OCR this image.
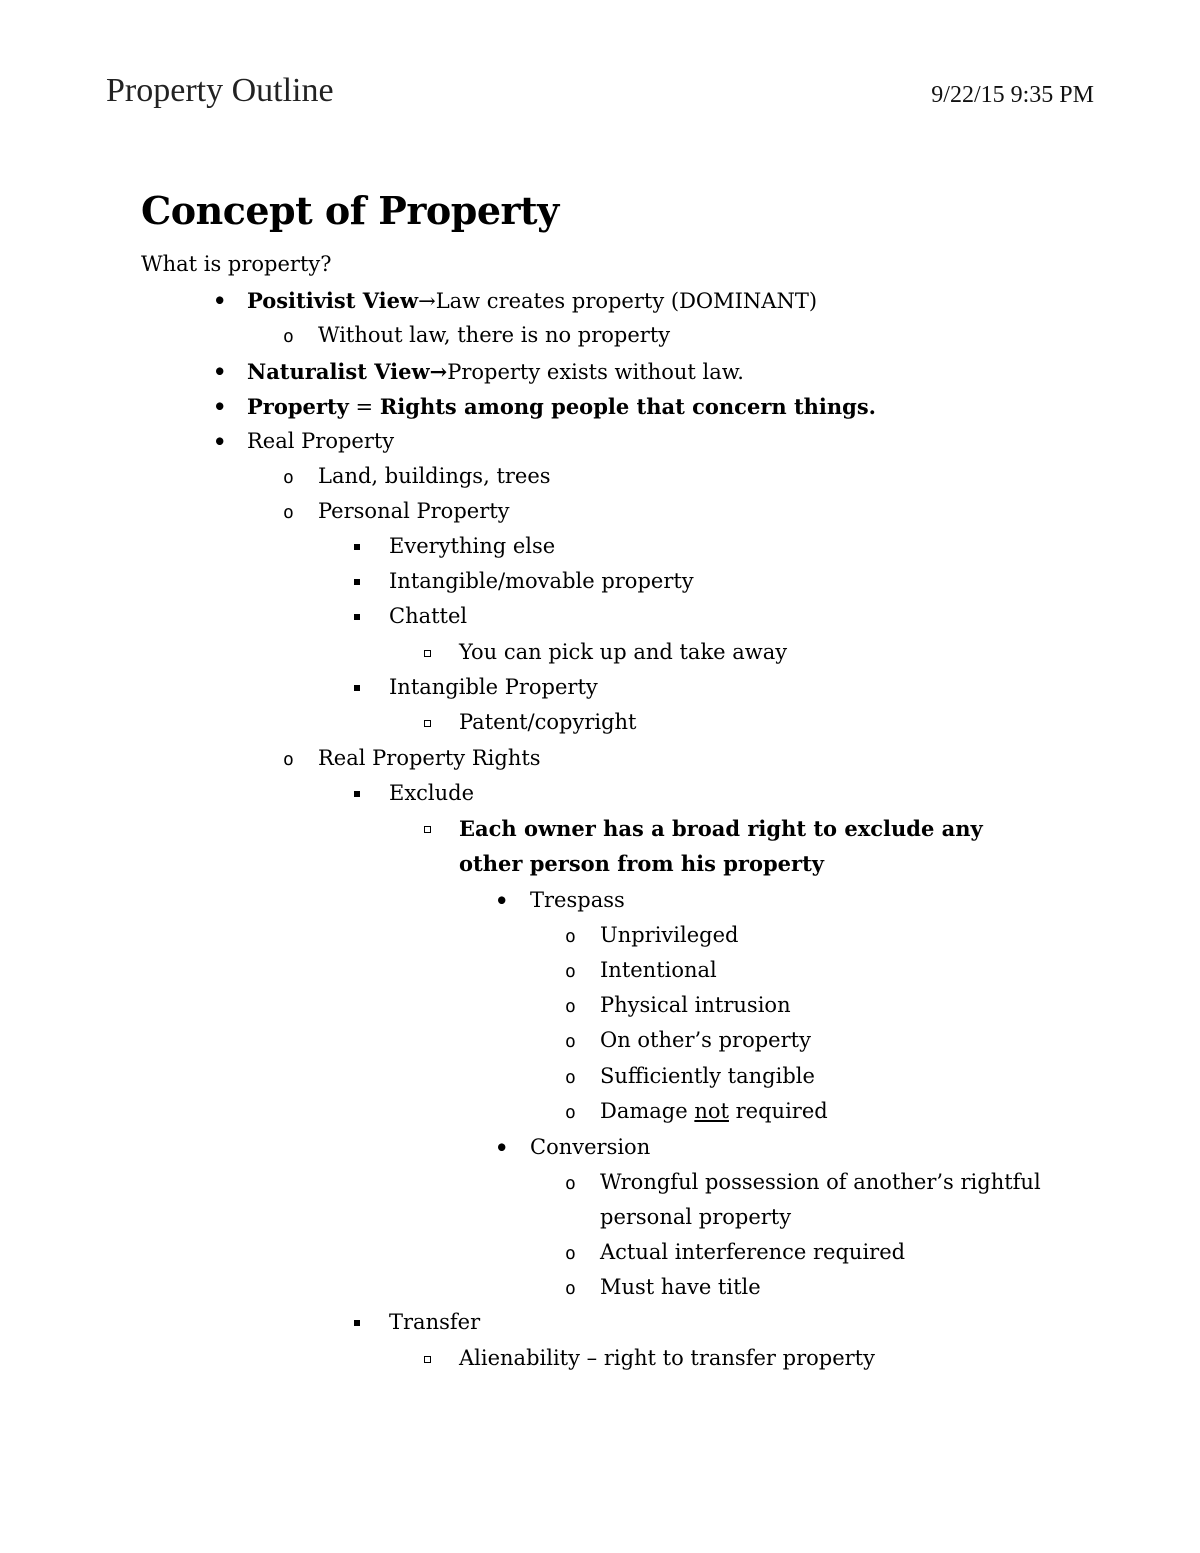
Property Outline	9/22/15 9:35 PM
Concept of Property
What is property?
•
Positivist View→Law creates property (DOMINANT)
o
Without law, there is no property
•
Naturalist View→Property exists without law.
•
Property = Rights among people that concern things.
•
Real Property
o
Land, buildings, trees
o
Personal Property
Everything else
Intangible/movable property
Chattel
You can pick up and take away
Intangible Property
Patent/copyright
o
Real Property Rights
Exclude
Each owner has a broad right to exclude any
other person from his property
•
Trespass
o
Unprivileged
o
Intentional
o
Physical intrusion
o
On other’s property
o
Sufficiently tangible
o
Damage not required
•
Conversion
o
Wrongful possession of another’s rightful
personal property
o
Actual interference required
o
Must have title
Transfer
Alienability – right to transfer property
